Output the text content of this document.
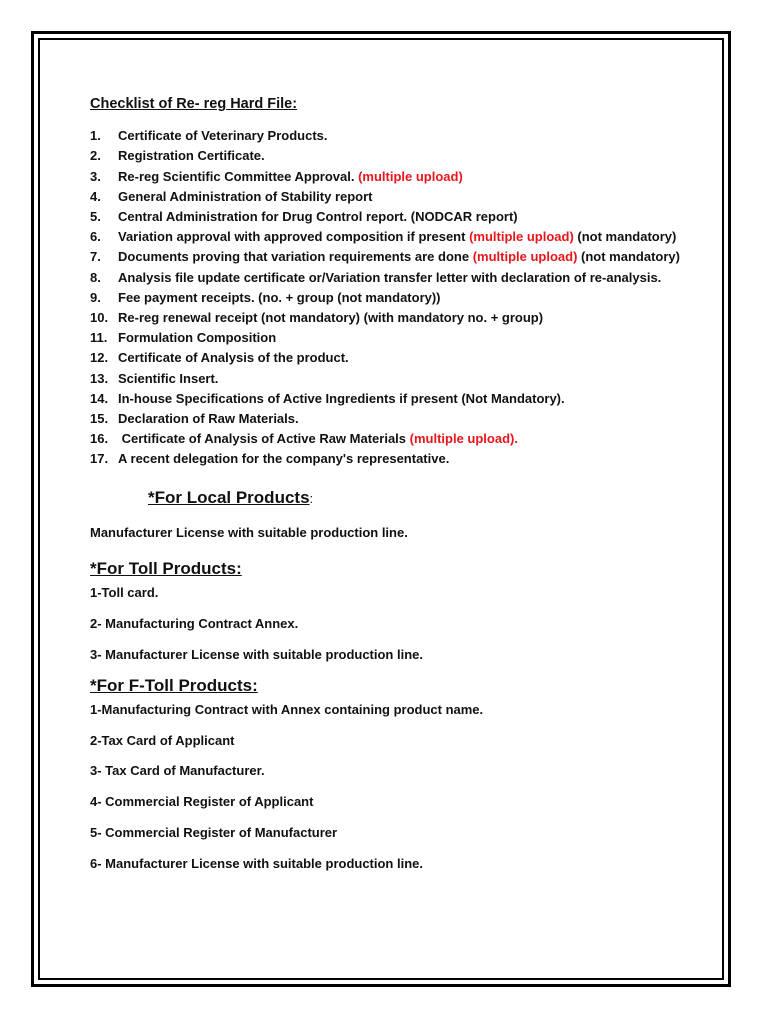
Checklist of Re- reg Hard File:
1.	Certificate of Veterinary Products.
2.	Registration Certificate.
3.	Re-reg Scientific Committee Approval. (multiple upload)
4.	General Administration of Stability report
5.	Central Administration for Drug Control report. (NODCAR report)
6.	Variation approval with approved composition if present (multiple upload) (not mandatory)
7.	Documents proving that variation requirements are done (multiple upload) (not mandatory)
8.	Analysis file update certificate or/Variation transfer letter with declaration of re-analysis.
9.	Fee payment receipts. (no. + group (not mandatory))
10. Re-reg renewal receipt (not mandatory) (with mandatory no. + group)
11. Formulation Composition
12. Certificate of Analysis of the product.
13. Scientific Insert.
14. In-house Specifications of Active Ingredients if present (Not Mandatory).
15. Declaration of Raw Materials.
16. Certificate of Analysis of Active Raw Materials (multiple upload).
17. A recent delegation for the company's representative.
*For Local Products:
Manufacturer License with suitable production line.
*For Toll Products:

1-Toll card.

2- Manufacturing Contract Annex.

3- Manufacturer License with suitable production line.

*For F-Toll Products:

1-Manufacturing Contract with Annex containing product name.

2-Tax Card of Applicant

3- Tax Card of Manufacturer.

4- Commercial Register of Applicant

5- Commercial Register of Manufacturer

6- Manufacturer License with suitable production line.
